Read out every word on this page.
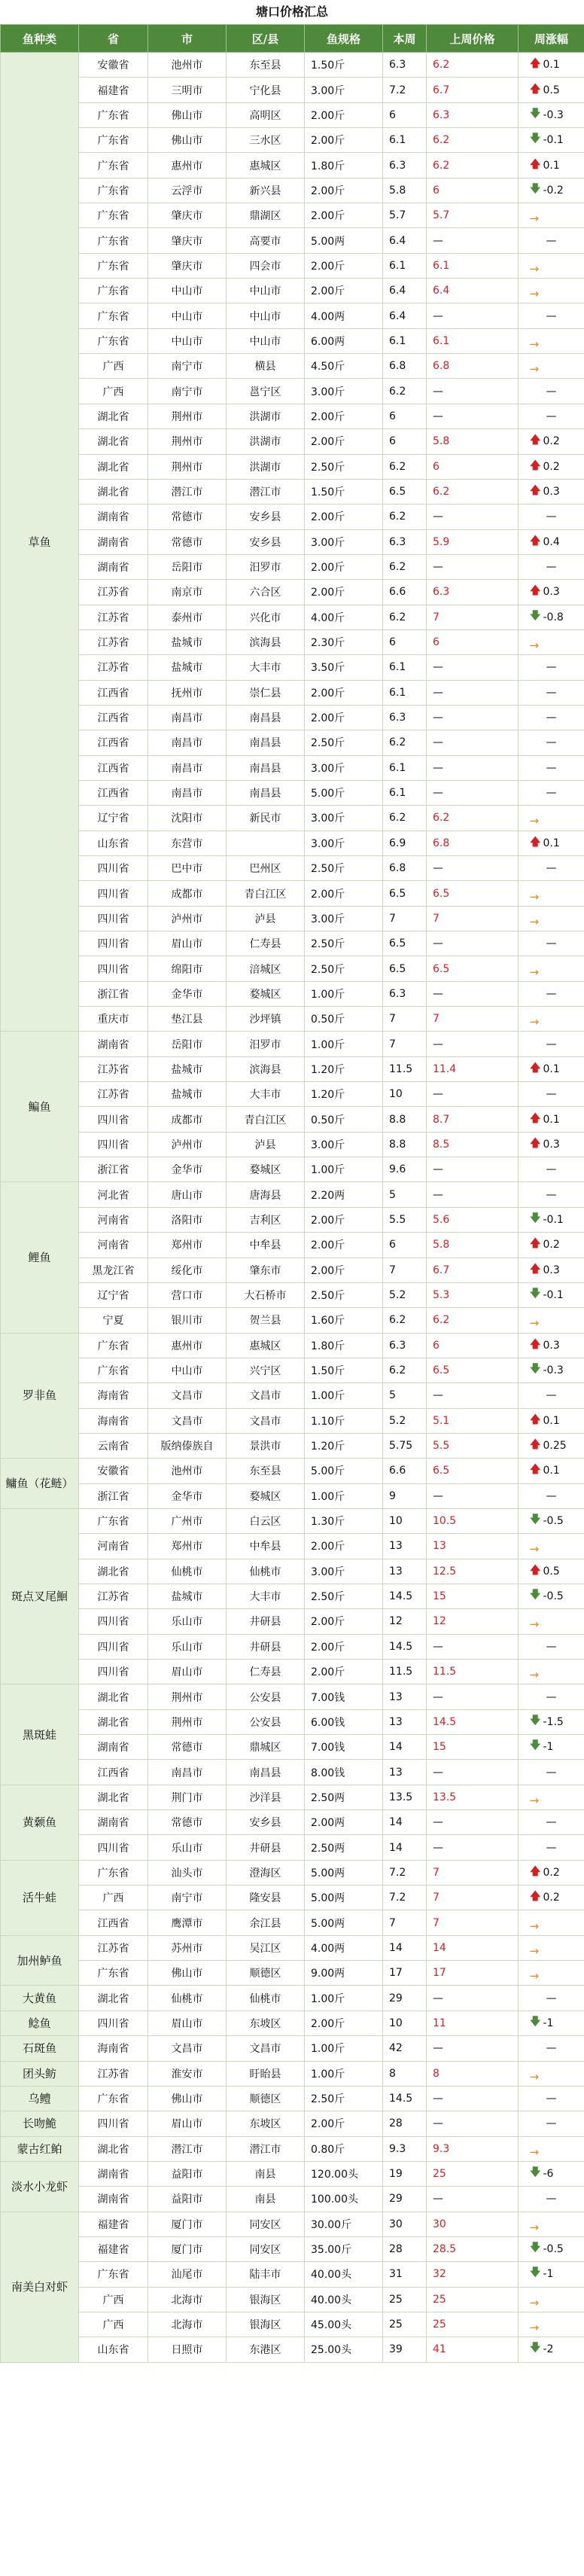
塘口价格汇总
鱼种类	省	市	区/县	鱼规格	本周	上周价格	周涨幅
草鱼	安徽省	池州市	东至县	1.50斤	6.3	6.2	🡅 0.1
	福建省	三明市	宁化县	3.00斤	7.2	6.7	🡅 0.5
	广东省	佛山市	高明区	2.00斤	6	6.3	🡇 -0.3
	广东省	佛山市	三水区	2.00斤	6.1	6.2	🡇 -0.1
	广东省	惠州市	惠城区	1.80斤	6.3	6.2	🡅 0.1
	广东省	云浮市	新兴县	2.00斤	5.8	6	🡇 -0.2
	广东省	肇庆市	鼎湖区	2.00斤	5.7	5.7	→

	广东省	肇庆市	高要市	5.00两	6.4	—	—
	广东省	肇庆市	四会市	2.00斤	6.1	6.1	→

	广东省	中山市	中山市	2.00斤	6.4	6.4	→

	广东省	中山市	中山市	4.00两	6.4	—	—
	广东省	中山市	中山市	6.00两	6.1	6.1	→

	广西	南宁市	横县	4.50斤	6.8	6.8	→

	广西	南宁市	邕宁区	3.00斤	6.2	—	—
	湖北省	荆州市	洪湖市	2.00斤	6	—	—
	湖北省	荆州市	洪湖市	2.00斤	6	5.8	🡅 0.2
	湖北省	荆州市	洪湖市	2.50斤	6.2	6	🡅 0.2
	湖北省	潜江市	潜江市	1.50斤	6.5	6.2	🡅 0.3
	湖南省	常德市	安乡县	2.00斤	6.2	—	—
	湖南省	常德市	安乡县	3.00斤	6.3	5.9	🡅 0.4
	湖南省	岳阳市	汨罗市	2.00斤	6.2	—	—
	江苏省	南京市	六合区	2.00斤	6.6	6.3	🡅 0.3
	江苏省	泰州市	兴化市	4.00斤	6.2	7	🡇 -0.8
	江苏省	盐城市	滨海县	2.30斤	6	6	→

	江苏省	盐城市	大丰市	3.50斤	6.1	—	—
	江西省	抚州市	崇仁县	2.00斤	6.1	—	—
	江西省	南昌市	南昌县	2.00斤	6.3	—	—
	江西省	南昌市	南昌县	2.50斤	6.2	—	—
	江西省	南昌市	南昌县	3.00斤	6.1	—	—
	江西省	南昌市	南昌县	5.00斤	6.1	—	—
	辽宁省	沈阳市	新民市	3.00斤	6.2	6.2	→

	山东省	东营市		3.00斤	6.9	6.8	🡅 0.1
	四川省	巴中市	巴州区	2.50斤	6.8	—	—
	四川省	成都市	青白江区	2.00斤	6.5	6.5	→

	四川省	泸州市	泸县	3.00斤	7	7	→

	四川省	眉山市	仁寿县	2.50斤	6.5	—	—
	四川省	绵阳市	涪城区	2.50斤	6.5	6.5	→

	浙江省	金华市	婺城区	1.00斤	6.3	—	—
	重庆市	垫江县	沙坪镇	0.50斤	7	7	→

鳊鱼	湖南省	岳阳市	汨罗市	1.00斤	7	—	—
	江苏省	盐城市	滨海县	1.20斤	11.5	11.4	🡅 0.1
	江苏省	盐城市	大丰市	1.20斤	10	—	—
	四川省	成都市	青白江区	0.50斤	8.8	8.7	🡅 0.1
	四川省	泸州市	泸县	3.00斤	8.8	8.5	🡅 0.3
	浙江省	金华市	婺城区	1.00斤	9.6	—	—
鲤鱼	河北省	唐山市	唐海县	2.20两	5	—	—
	河南省	洛阳市	吉利区	2.00斤	5.5	5.6	🡇 -0.1
	河南省	郑州市	中牟县	2.00斤	6	5.8	🡅 0.2
	黑龙江省	绥化市	肇东市	2.00斤	7	6.7	🡅 0.3
	辽宁省	营口市	大石桥市	2.50斤	5.2	5.3	🡇 -0.1
	宁夏	银川市	贺兰县	1.60斤	6.2	6.2	→

罗非鱼	广东省	惠州市	惠城区	1.80斤	6.3	6	🡅 0.3
	广东省	中山市	兴宁区	1.50斤	6.2	6.5	🡇 -0.3
	海南省	文昌市	文昌市	1.00斤	5	—	—
	海南省	文昌市	文昌市	1.10斤	5.2	5.1	🡅 0.1
	云南省	版纳傣族自	景洪市	1.20斤	5.75	5.5	🡅 0.25
鳙鱼（花鲢）	安徽省	池州市	东至县	5.00斤	6.6	6.5	🡅 0.1
	浙江省	金华市	婺城区	1.00斤	9	—	—
斑点叉尾鮰	广东省	广州市	白云区	1.30斤	10	10.5	🡇 -0.5
	河南省	郑州市	中牟县	2.00斤	13	13	→

	湖北省	仙桃市	仙桃市	3.00斤	13	12.5	🡅 0.5
	江苏省	盐城市	大丰市	2.50斤	14.5	15	🡇 -0.5
	四川省	乐山市	井研县	2.00斤	12	12	→

	四川省	乐山市	井研县	2.00斤	14.5	—	—
	四川省	眉山市	仁寿县	2.00斤	11.5	11.5	→

黑斑蛙	湖北省	荆州市	公安县	7.00钱	13	—	—
	湖北省	荆州市	公安县	6.00钱	13	14.5	🡇 -1.5
	湖南省	常德市	鼎城区	7.00钱	14	15	🡇 -1
	江西省	南昌市	南昌县	8.00钱	13	—	—
黄颡鱼	湖北省	荆门市	沙洋县	2.50两	13.5	13.5	→

	湖南省	常德市	安乡县	2.00两	14	—	—
	四川省	乐山市	井研县	2.50两	14	—	—
活牛蛙	广东省	汕头市	澄海区	5.00两	7.2	7	🡅 0.2
	广西	南宁市	隆安县	5.00两	7.2	7	🡅 0.2
	江西省	鹰潭市	余江县	5.00两	7	7	→

加州鲈鱼	江苏省	苏州市	吴江区	4.00两	14	14	→

	广东省	佛山市	顺德区	9.00两	17	17	→

大黄鱼	湖北省	仙桃市	仙桃市	1.00斤	29	—	—
鲶鱼	四川省	眉山市	东坡区	2.00斤	10	11	🡇 -1
石斑鱼	海南省	文昌市	文昌市	1.00斤	42	—	—
团头鲂	江苏省	淮安市	盱眙县	1.00斤	8	8	→

乌鳢	广东省	佛山市	顺德区	2.50斤	14.5	—	—
长吻鮠	四川省	眉山市	东坡区	2.00斤	28	—	—
蒙古红鲌	湖北省	潜江市	潜江市	0.80斤	9.3	9.3	→

淡水小龙虾	湖南省	益阳市	南县	120.00头	19	25	🡇 -6
	湖南省	益阳市	南县	100.00头	29	—	—
南美白对虾	福建省	厦门市	同安区	30.00斤	30	30	→

	福建省	厦门市	同安区	35.00斤	28	28.5	🡇 -0.5
	广东省	汕尾市	陆丰市	40.00头	31	32	🡇 -1
	广西	北海市	银海区	40.00头	25	25	→

	广西	北海市	银海区	45.00头	25	25	→

	山东省	日照市	东港区	25.00头	39	41	🡇 -2
